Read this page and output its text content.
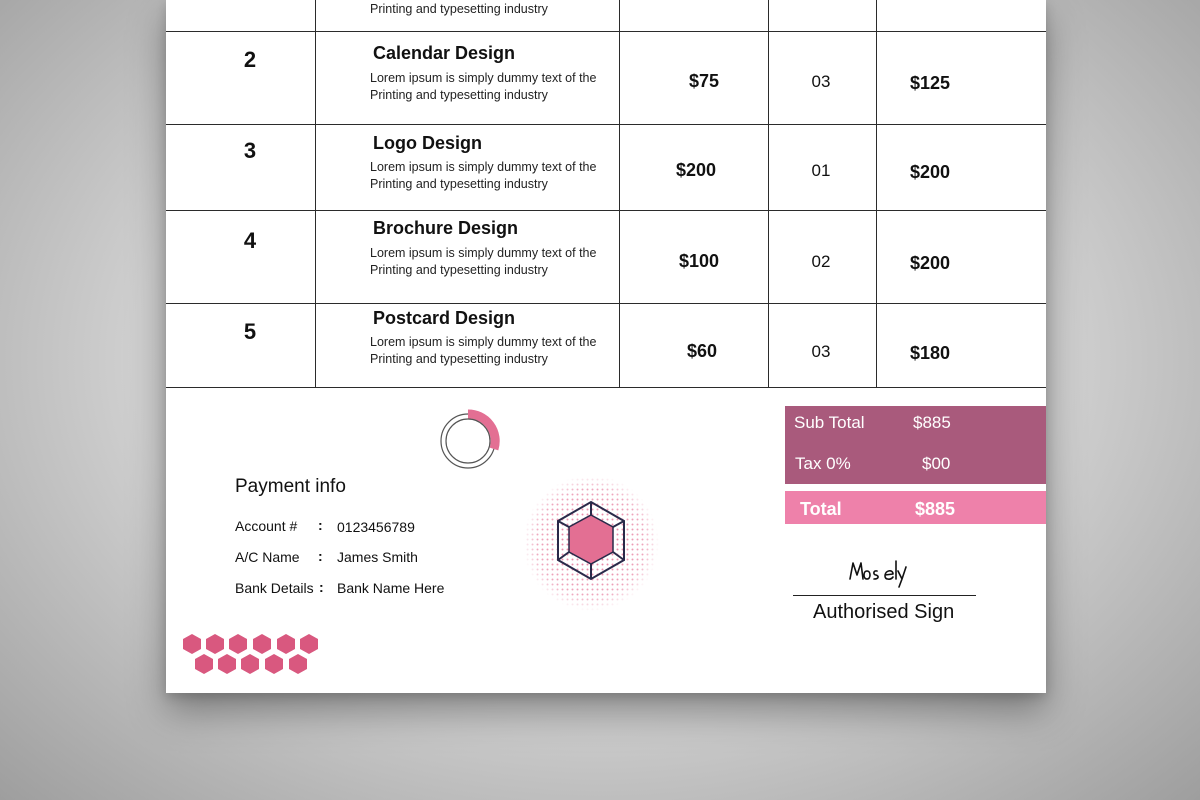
Printing and typesetting industry
2	Calendar Design
Lorem ipsum is simply dummy text of the
Printing and typesetting industry
$75	03	$125
3	Logo Design
Lorem ipsum is simply dummy text of the
Printing and typesetting industry
$200	01	$200
4	Brochure Design
Lorem ipsum is simply dummy text of the
Printing and typesetting industry	$100	02	$200
5
Postcard Design
Lorem ipsum is simply dummy text of the
Printing and typesetting industry	$60	03	$180
Payment info
Account # : 0123456789
A/C Name : James Smith
Bank Details : Bank Name Here
Sub Total	$885
Tax 0%	$00
Total	$885
Authorised Sign
